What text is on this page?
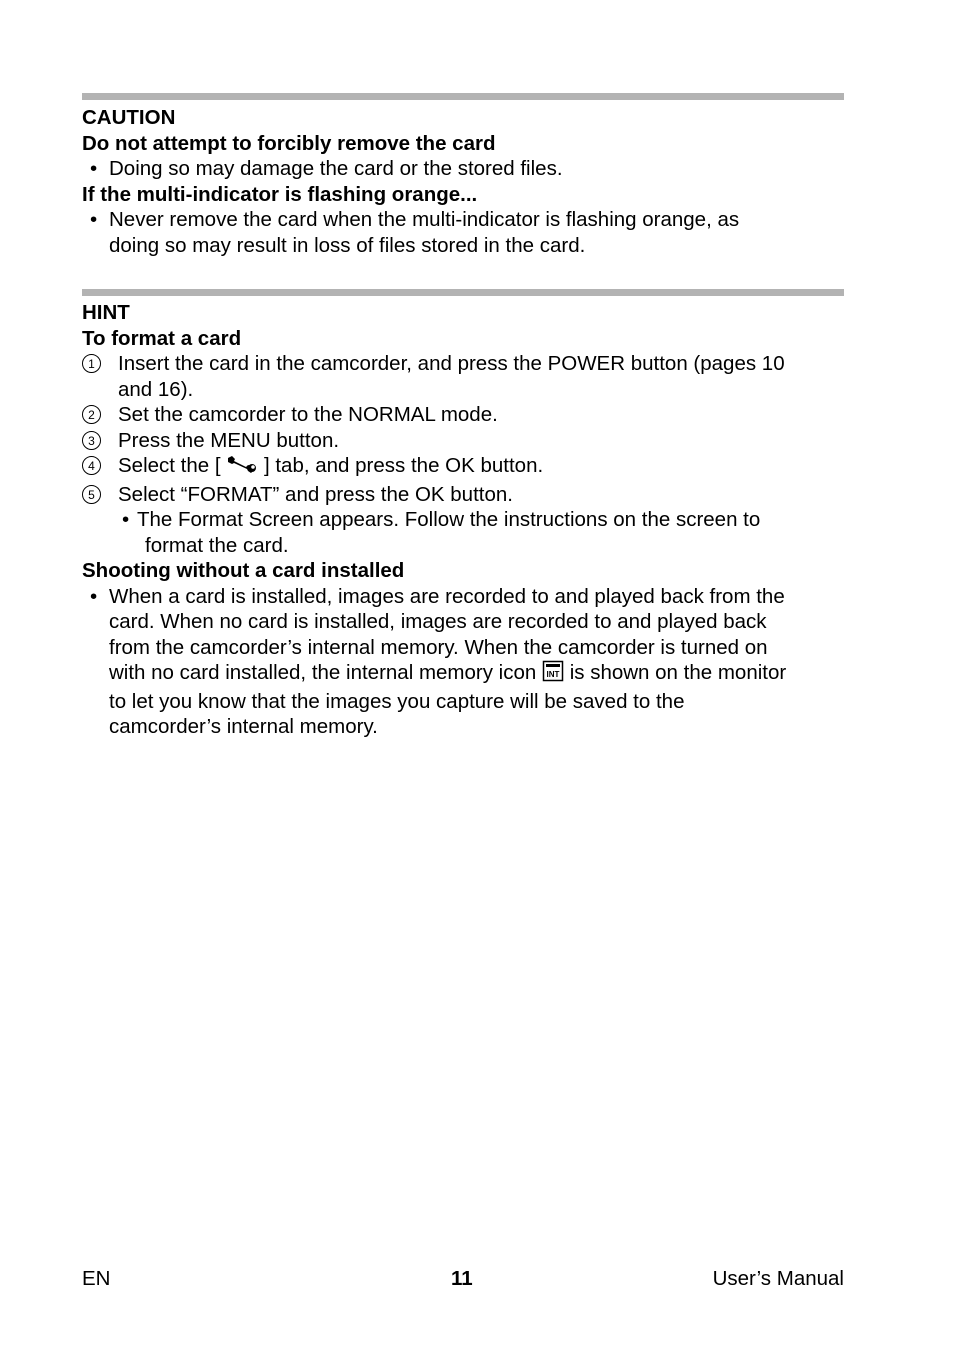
CAUTION
Do not attempt to forcibly remove the card
• Doing so may damage the card or the stored files.
If the multi-indicator is flashing orange...
• Never remove the card when the multi-indicator is flashing orange, as
doing so may result in loss of files stored in the card.
HINT
To format a card
1	Insert the card in the camcorder, and press the POWER button (pages 10
and 16).
2	Set the camcorder to the NORMAL mode.
3	Press the MENU button.
4	Select the [ ] tab, and press the OK button.
5	Select “FORMAT” and press the OK button.
• The Format Screen appears. Follow the instructions on the screen to
format the card.
Shooting without a card installed
• When a card is installed, images are recorded to and played back from the
card. When no card is installed, images are recorded to and played back
from the camcorder’s internal memory. When the camcorder is turned on
with no card installed, the internal memory icon INT is shown on the monitor
to let you know that the images you capture will be saved to the
camcorder’s internal memory.
EN	11	User’s Manual
